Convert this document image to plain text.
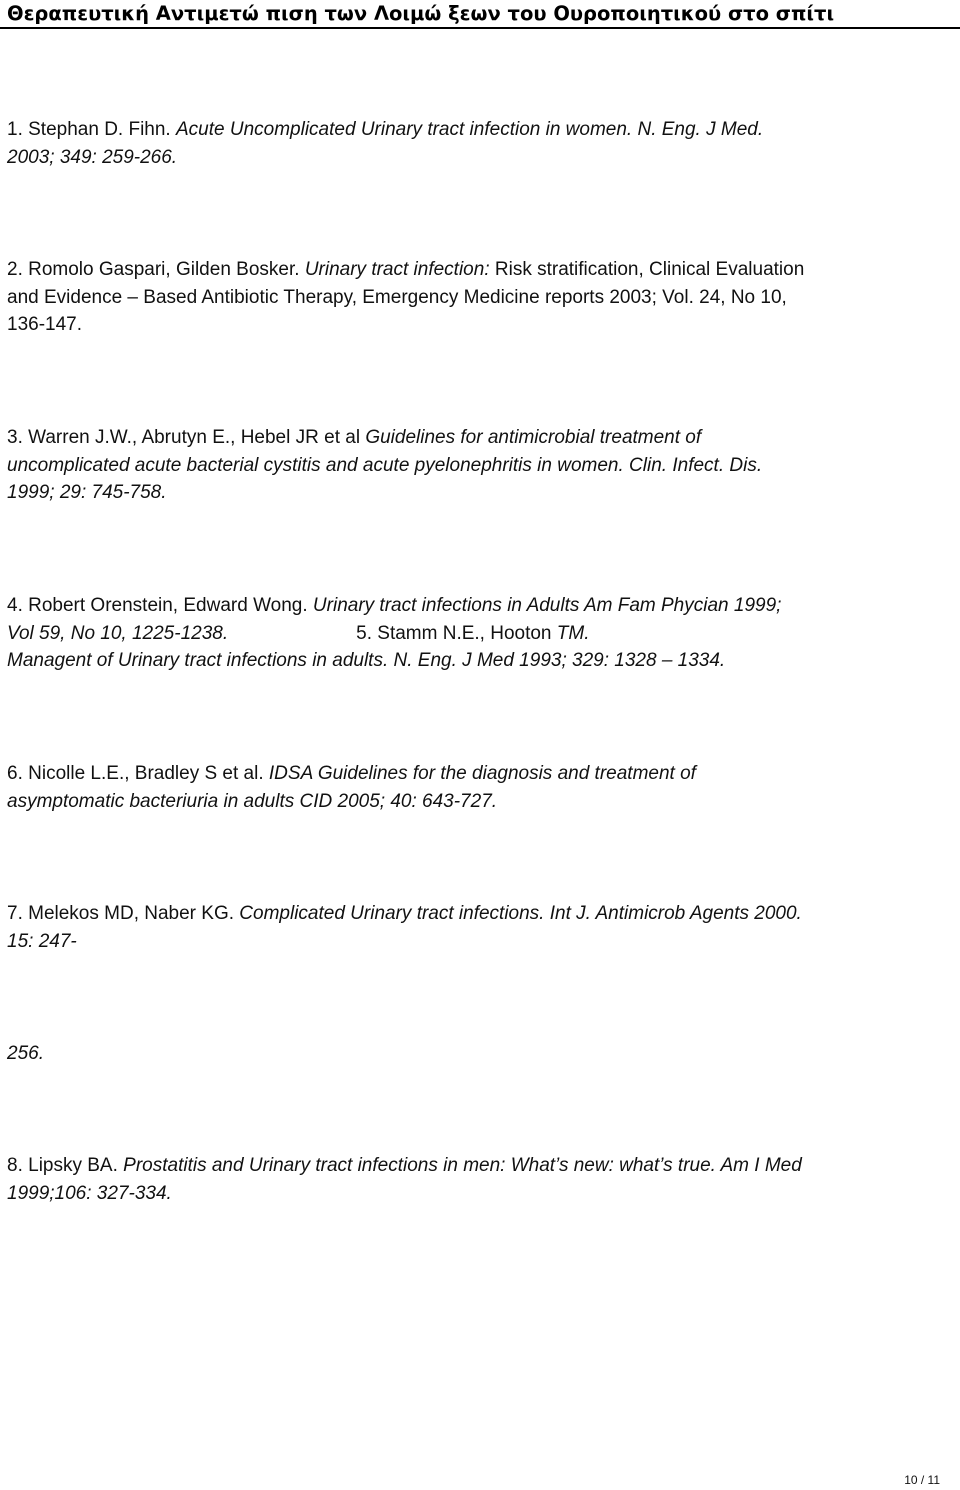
Θεραπευτική Αντιμετώ πιση των Λοιμώ ξεων του Ουροποιητικού στο σπίτι

1. Stephan D. Fihn. Acute Uncomplicated Urinary tract infection in women. N. Eng. J Med.

2003; 349: 259-266.

2. Romolo Gaspari, Gilden Bosker. Urinary tract infection: Risk stratification, Clinical Evaluation

and Evidence – Based Antibiotic Therapy, Emergency Medicine reports 2003; Vol. 24, No 10,

136-147.

3. Warren J.W., Abrutyn E., Hebel JR et al Guidelines for antimicrobial treatment of

uncomplicated acute bacterial cystitis and acute pyelonephritis in women. Clin. Infect. Dis.

1999; 29: 745-758.

4. Robert Orenstein, Edward Wong. Urinary tract infections in Adults Am Fam Phycian 1999;

Vol 59, No 10, 1225-1238.	5. Stamm N.E., Hooton TM.

Managent of Urinary tract infections in adults. N. Eng. J Med 1993; 329: 1328 – 1334.

6. Nicolle L.E., Bradley S et al. IDSA Guidelines for the diagnosis and treatment of

asymptomatic bacteriuria in adults CID 2005; 40: 643-727.

7. Melekos MD, Naber KG. Complicated Urinary tract infections. Int J. Antimicrob Agents 2000.

15: 247-

256.

8. Lipsky BA. Prostatitis and Urinary tract infections in men: What’s new: what’s true. Am I Med

1999;106: 327-334.

10 / 11
